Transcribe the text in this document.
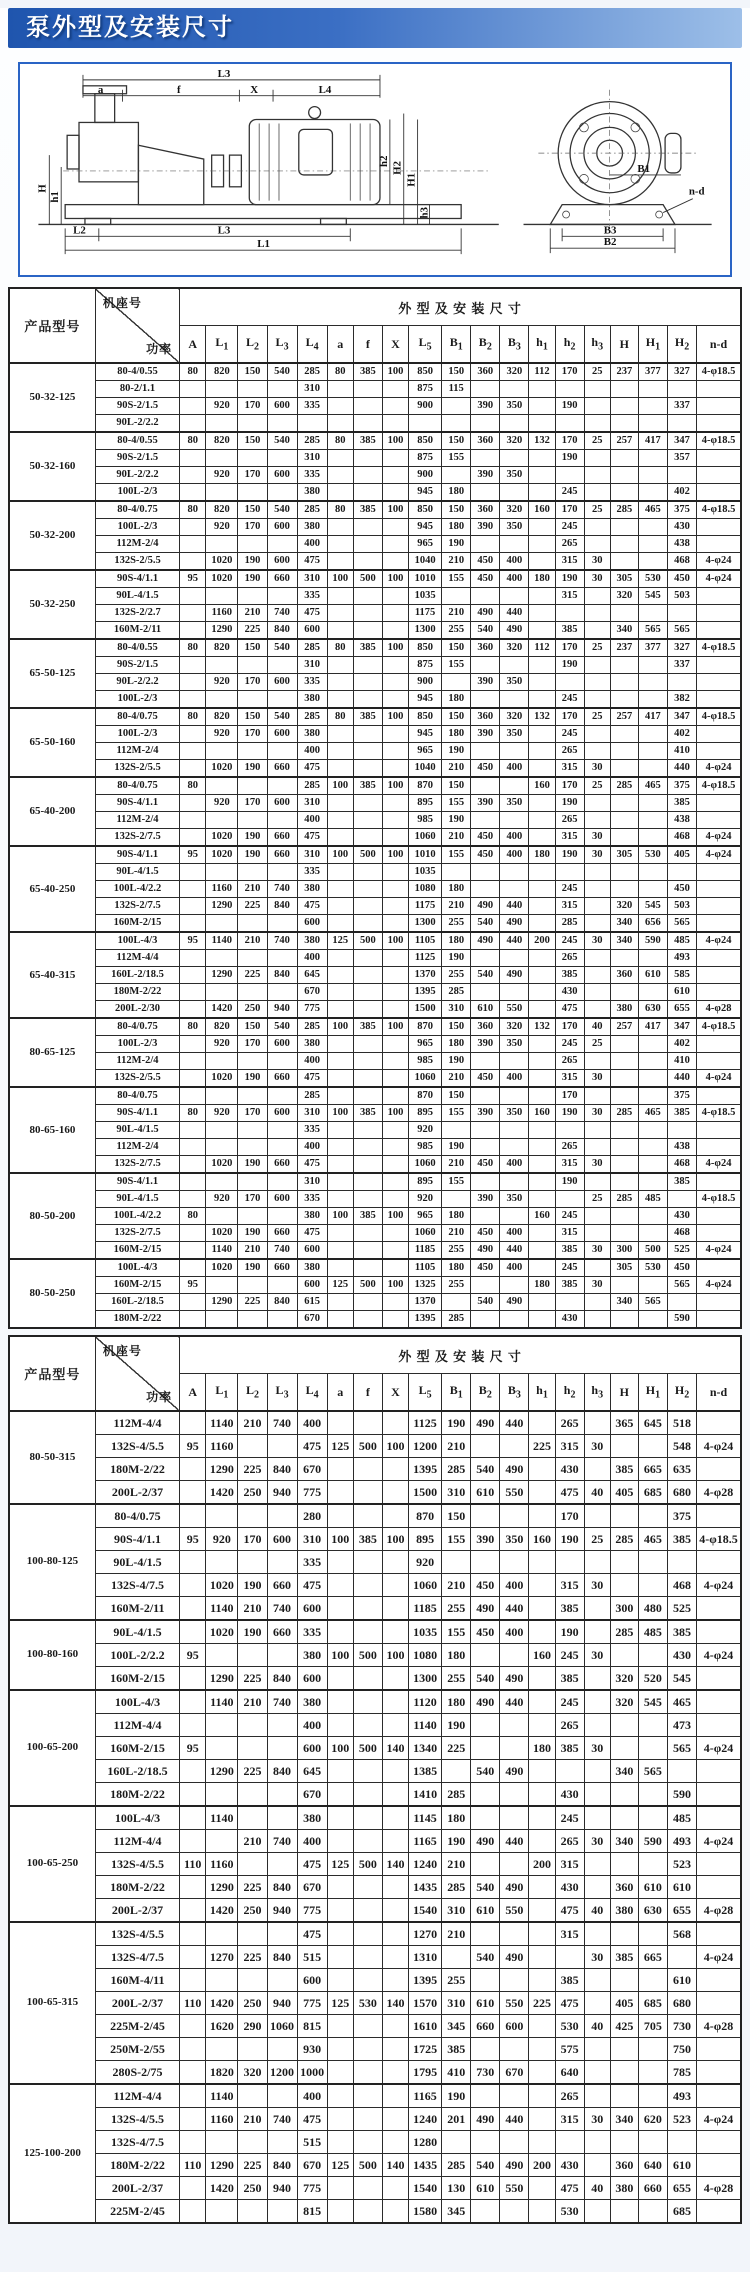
泵外型及安装尺寸
L3
a	f	X	L4
H
h1
h2 H2
H1
h3
L2	L3
L1
B1
n-d
B3
B2
产品型号	机座号
功率	外 型 及 安 装 尺 寸																		
		A	$L_1$	$L_2$	$L_3$	$L_4$	a	f	X	$L_5$	$B_1$	$B_2$	$B_3$	$h_1$	$h_2$	$h_3$	H	$H_1$	$H_2$	n-d
50-32-125	80-4/0.55	80	820	150	540	285	80	385	100	850	150	360	320	112	170	25	237	377	327	4-φ18.5
	80-2/1.1					310				875	115									
	90S-2/1.5		920	170	600	335				900		390	350		190				337	
	90L-2/2.2																			
50-32-160	80-4/0.55	80	820	150	540	285	80	385	100	850	150	360	320	132	170	25	257	417	347	4-φ18.5
	90S-2/1.5					310				875	155				190				357	
	90L-2/2.2		920	170	600	335				900		390	350							
	100L-2/3					380				945	180				245				402	
50-32-200	80-4/0.75	80	820	150	540	285	80	385	100	850	150	360	320	160	170	25	285	465	375	4-φ18.5
	100L-2/3		920	170	600	380				945	180	390	350		245				430	
	112M-2/4					400				965	190				265				438	
	132S-2/5.5		1020	190	600	475				1040	210	450	400		315	30			468	4-φ24
50-32-250	90S-4/1.1	95	1020	190	660	310	100	500	100	1010	155	450	400	180	190	30	305	530	450	4-φ24
	90L-4/1.5					335				1035					315		320	545	503	
	132S-2/2.7		1160	210	740	475				1175	210	490	440							
	160M-2/11		1290	225	840	600				1300	255	540	490		385		340	565	565	
65-50-125	80-4/0.55	80	820	150	540	285	80	385	100	850	150	360	320	112	170	25	237	377	327	4-φ18.5
	90S-2/1.5					310				875	155				190				337	
	90L-2/2.2		920	170	600	335				900		390	350							
	100L-2/3					380				945	180				245				382	
65-50-160	80-4/0.75	80	820	150	540	285	80	385	100	850	150	360	320	132	170	25	257	417	347	4-φ18.5
	100L-2/3		920	170	600	380				945	180	390	350		245				402	
	112M-2/4					400				965	190				265				410	
	132S-2/5.5		1020	190	660	475				1040	210	450	400		315	30			440	4-φ24
65-40-200	80-4/0.75	80				285	100	385	100	870	150			160	170	25	285	465	375	4-φ18.5
	90S-4/1.1		920	170	600	310				895	155	390	350		190				385	
	112M-2/4					400				985	190				265				438	
	132S-2/7.5		1020	190	660	475				1060	210	450	400		315	30			468	4-φ24
65-40-250	90S-4/1.1	95	1020	190	660	310	100	500	100	1010	155	450	400	180	190	30	305	530	405	4-φ24
	90L-4/1.5					335				1035										
	100L-4/2.2		1160	210	740	380				1080	180				245				450	
	132S-2/7.5		1290	225	840	475				1175	210	490	440		315		320	545	503	
	160M-2/15					600				1300	255	540	490		285		340	656	565	
65-40-315	100L-4/3	95	1140	210	740	380	125	500	100	1105	180	490	440	200	245	30	340	590	485	4-φ24
	112M-4/4					400				1125	190				265				493	
	160L-2/18.5		1290	225	840	645				1370	255	540	490		385		360	610	585	
	180M-2/22					670				1395	285				430				610	
	200L-2/30		1420	250	940	775				1500	310	610	550		475		380	630	655	4-φ28
80-65-125	80-4/0.75	80	820	150	540	285	100	385	100	870	150	360	320	132	170	40	257	417	347	4-φ18.5
	100L-2/3		920	170	600	380				965	180	390	350		245	25			402	
	112M-2/4					400				985	190				265				410	
	132S-2/5.5		1020	190	660	475				1060	210	450	400		315	30			440	4-φ24
80-65-160	80-4/0.75					285				870	150				170				375	
	90S-4/1.1	80	920	170	600	310	100	385	100	895	155	390	350	160	190	30	285	465	385	4-φ18.5
	90L-4/1.5					335				920										
	112M-2/4					400				985	190				265				438	
	132S-2/7.5		1020	190	660	475				1060	210	450	400		315	30			468	4-φ24
80-50-200	90S-4/1.1					310				895	155				190				385	
	90L-4/1.5		920	170	600	335				920		390	350			25	285	485		4-φ18.5
	100L-4/2.2	80				380	100	385	100	965	180			160	245				430	
	132S-2/7.5		1020	190	660	475				1060	210	450	400		315				468	
	160M-2/15		1140	210	740	600				1185	255	490	440		385	30	300	500	525	4-φ24
80-50-250	100L-4/3		1020	190	660	380				1105	180	450	400		245		305	530	450	
	160M-2/15	95				600	125	500	100	1325	255			180	385	30			565	4-φ24
	160L-2/18.5		1290	225	840	615				1370		540	490				340	565		
	180M-2/22					670				1395	285				430				590	
产品型号	机座号
功率	外 型 及 安 装 尺 寸																		
		A	$L_1$	$L_2$	$L_3$	$L_4$	a	f	X	$L_5$	$B_1$	$B_2$	$B_3$	$h_1$	$h_2$	$h_3$	H	$H_1$	$H_2$	n-d
80-50-315	112M-4/4		1140	210	740	400				1125	190	490	440		265		365	645	518	
	132S-4/5.5	95	1160			475	125	500	100	1200	210			225	315	30			548	4-φ24
	180M-2/22		1290	225	840	670				1395	285	540	490		430		385	665	635	
	200L-2/37		1420	250	940	775				1500	310	610	550		475	40	405	685	680	4-φ28
100-80-125	80-4/0.75					280				870	150				170				375	
	90S-4/1.1	95	920	170	600	310	100	385	100	895	155	390	350	160	190	25	285	465	385	4-φ18.5
	90L-4/1.5					335				920										
	132S-4/7.5		1020	190	660	475				1060	210	450	400		315	30			468	4-φ24
	160M-2/11		1140	210	740	600				1185	255	490	440		385		300	480	525	
100-80-160	90L-4/1.5		1020	190	660	335				1035	155	450	400		190		285	485	385	
	100L-2/2.2	95				380	100	500	100	1080	180			160	245	30			430	4-φ24
	160M-2/15		1290	225	840	600				1300	255	540	490		385		320	520	545	
100-65-200	100L-4/3		1140	210	740	380				1120	180	490	440		245		320	545	465	
	112M-4/4					400				1140	190				265				473	
	160M-2/15	95				600	100	500	140	1340	225			180	385	30			565	4-φ24
	160L-2/18.5		1290	225	840	645				1385		540	490				340	565		
	180M-2/22					670				1410	285				430				590	
100-65-250	100L-4/3		1140			380				1145	180				245				485	
	112M-4/4			210	740	400				1165	190	490	440		265	30	340	590	493	4-φ24
	132S-4/5.5	110	1160			475	125	500	140	1240	210			200	315				523	
	180M-2/22		1290	225	840	670				1435	285	540	490		430		360	610	610	
	200L-2/37		1420	250	940	775				1540	310	610	550		475	40	380	630	655	4-φ28
100-65-315	132S-4/5.5					475				1270	210				315				568	
	132S-4/7.5		1270	225	840	515				1310		540	490			30	385	665		4-φ24
	160M-4/11					600				1395	255				385				610	
	200L-2/37	110	1420	250	940	775	125	530	140	1570	310	610	550	225	475		405	685	680	
	225M-2/45		1620	290	1060	815				1610	345	660	600		530	40	425	705	730	4-φ28
	250M-2/55					930				1725	385				575				750	
	280S-2/75		1820	320	1200	1000				1795	410	730	670		640				785	
125-100-200	112M-4/4		1140			400				1165	190				265				493	
	132S-4/5.5		1160	210	740	475				1240	201	490	440		315	30	340	620	523	4-φ24
	132S-4/7.5					515				1280										
	180M-2/22	110	1290	225	840	670	125	500	140	1435	285	540	490	200	430		360	640	610	
	200L-2/37		1420	250	940	775				1540	130	610	550		475	40	380	660	655	4-φ28
	225M-2/45					815				1580	345				530				685	
